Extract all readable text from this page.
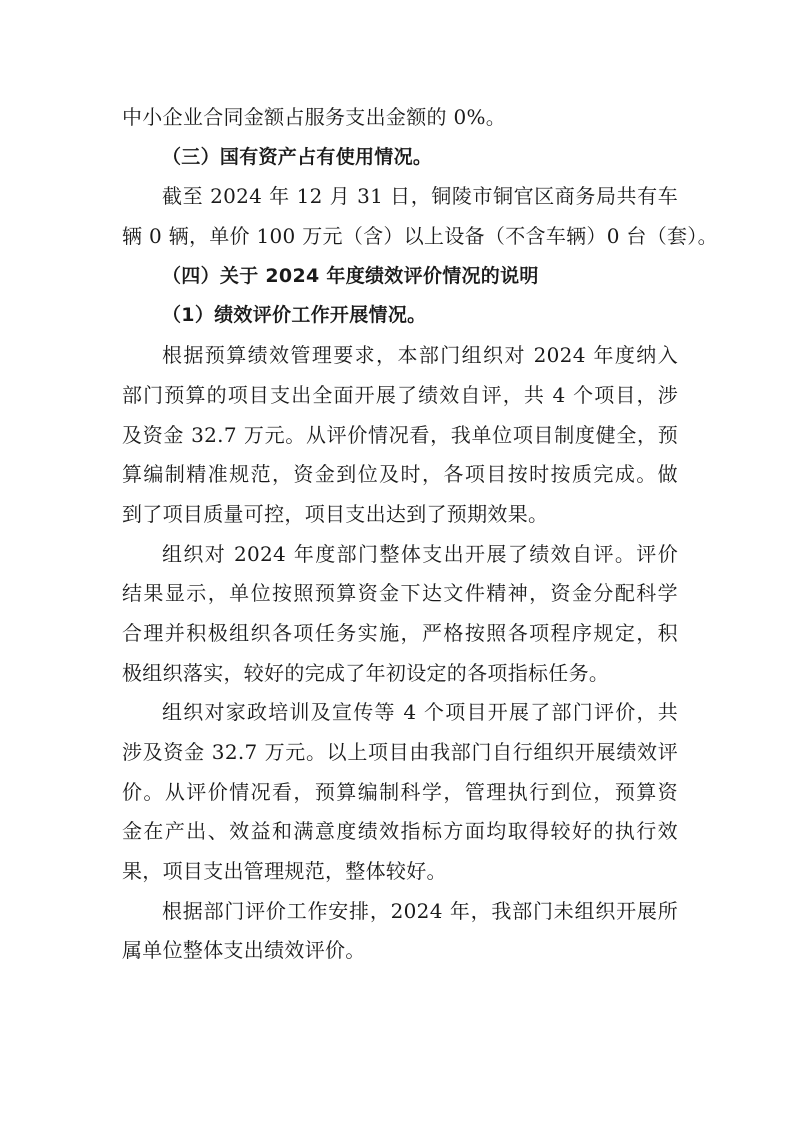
中小企业合同金额占服务支出金额的 0%。
（三）国有资产占有使用情况。
截至 2024 年 12 月 31 日，铜陵市铜官区商务局共有车
辆 0 辆，单价 100 万元（含）以上设备（不含车辆）0 台（套）。
（四）关于 2024 年度绩效评价情况的说明
（1）绩效评价工作开展情况。
根据预算绩效管理要求，本部门组织对 2024 年度纳入
部门预算的项目支出全面开展了绩效自评，共 4 个项目，涉
及资金 32.7 万元。从评价情况看，我单位项目制度健全，预
算编制精准规范，资金到位及时，各项目按时按质完成。做
到了项目质量可控，项目支出达到了预期效果。
组织对 2024 年度部门整体支出开展了绩效自评。评价
结果显示，单位按照预算资金下达文件精神，资金分配科学
合理并积极组织各项任务实施，严格按照各项程序规定，积
极组织落实，较好的完成了年初设定的各项指标任务。
组织对家政培训及宣传等 4 个项目开展了部门评价，共
涉及资金 32.7 万元。以上项目由我部门自行组织开展绩效评
价。从评价情况看，预算编制科学，管理执行到位，预算资
金在产出、效益和满意度绩效指标方面均取得较好的执行效
果，项目支出管理规范，整体较好。
根据部门评价工作安排，2024 年，我部门未组织开展所
属单位整体支出绩效评价。
